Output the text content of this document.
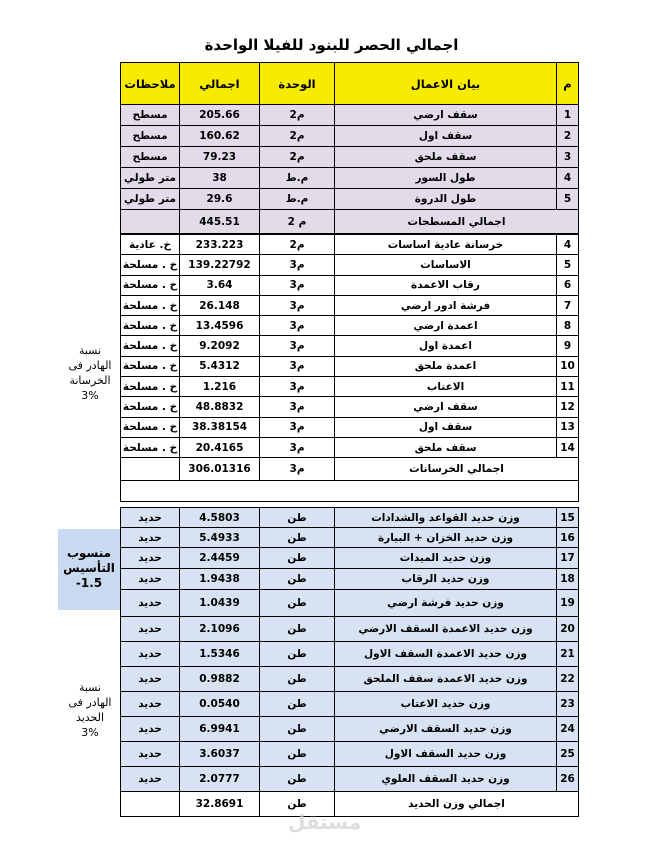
اجمالي الحصر للبنود للفيلا الواحدة
م
بيان الاعمال
الوحدة
اجمالي
ملاحظات
1
سقف ارضي
م2
205.66
مسطح
2
سقف اول
م2
160.62
مسطح
3
سقف ملحق
م2
79.23
مسطح
4
طول السور
م.ط
38
متر طولي
5
طول الدروة
م.ط
29.6
متر طولي
اجمالي المسطحات
م 2
445.51
4
خرسانة عادية اساسات
م2
233.223
خ. عادية
5
الاساسات
م3
139.22792
خ . مسلحة
6
رقاب الاعمدة
م3
3.64
خ . مسلحة
7
فرشة ادور ارضي
م3
26.148
خ . مسلحة
8
اعمدة ارضي
م3
13.4596
خ . مسلحة
9
اعمدة اول
م3
9.2092
خ . مسلحة
10
اعمدة ملحق
م3
5.4312
خ . مسلحة
11
الاعتاب
م3
1.216
خ . مسلحة
12
سقف ارضي
م3
48.8832
خ . مسلحة
13
سقف اول
م3
38.38154
خ . مسلحة
14
سقف ملحق
م3
20.4165
خ . مسلحة
اجمالي الخرسانات
م3
306.01316
15
وزن حديد القواعد والشدادات
طن
4.5803
حديد
16
وزن حديد الخزان + البيارة
طن
5.4933
حديد
17
وزن حديد الميدات
طن
2.4459
حديد
18
وزن حديد الرقاب
طن
1.9438
حديد
19
وزن حديد فرشة ارضي
طن
1.0439
حديد
20
وزن حديد الاعمدة السقف الارضي
طن
2.1096
حديد
21
وزن حديد الاعمدة السقف الاول
طن
1.5346
حديد
22
وزن حديد الاعمدة سقف الملحق
طن
0.9882
حديد
23
وزن حديد الاعتاب
طن
0.0540
حديد
24
وزن حديد السقف الارضي
طن
6.9941
حديد
25
وزن حديد السقف الاول
طن
3.6037
حديد
26
وزن حديد السقف العلوي
طن
2.0777
حديد
اجمالي وزن الحديد
طن
32.8691
نسبة
الهادر فى
الخرسانة
3%
منسوب
التأسيس
-1.5
نسبة
الهادر فى
الحديد
3%
مستقل
